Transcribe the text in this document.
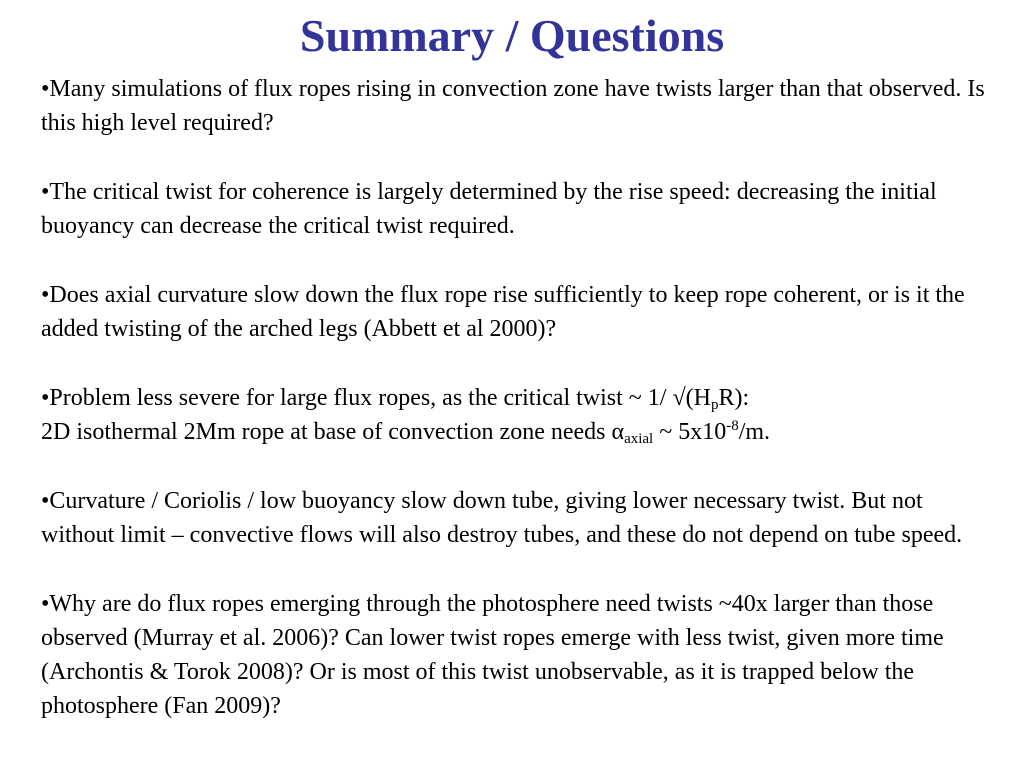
Summary / Questions

•Many simulations of flux ropes rising in convection zone have twists larger than that observed. Is this high level required?

•The critical twist for coherence is largely determined by the rise speed: decreasing the initial buoyancy can decrease the critical twist required.

•Does axial curvature slow down the flux rope rise sufficiently to keep rope coherent, or is it the added twisting of the arched legs (Abbett et al 2000)?

•Problem less severe for large flux ropes, as the critical twist ~ 1/ $√(H_pR)$:
2D isothermal 2Mm rope at base of convection zone needs $\alpha_{axial}$ ~ $5x10^{-8}/m$.

•Curvature / Coriolis / low buoyancy slow down tube, giving lower necessary twist. But not without limit – convective flows will also destroy tubes, and these do not depend on tube speed.

•Why are do flux ropes emerging through the photosphere need twists ~40x larger than those observed (Murray et al. 2006)? Can lower twist ropes emerge with less twist, given more time (Archontis & Torok 2008)? Or is most of this twist unobservable, as it is trapped below the photosphere (Fan 2009)?
